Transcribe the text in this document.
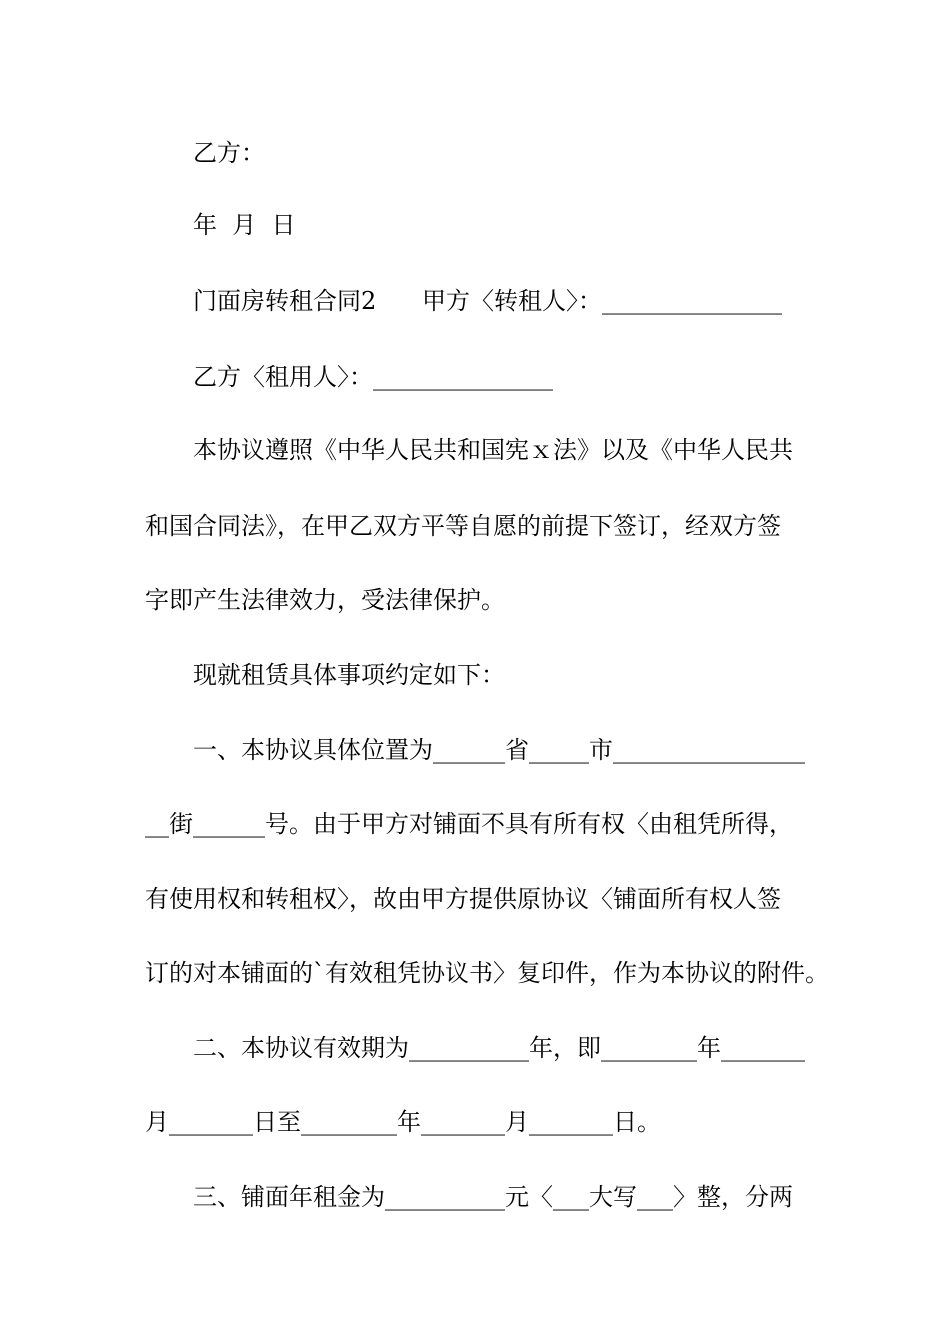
乙方：
年  月  日
门面房转租合同2      甲方〈转租人〉：_______________
乙方〈租用人〉：_______________
本协议遵照《中华人民共和国宪ｘ法》以及《中华人民共
和国合同法》，在甲乙双方平等自愿的前提下签订，经双方签
字即产生法律效力，受法律保护。
现就租赁具体事项约定如下：
一、本协议具体位置为______省_____市________________
__街______号。由于甲方对铺面不具有所有权〈由租凭所得，
有使用权和转租权〉，故由甲方提供原协议〈铺面所有权人签
订的对本铺面的`有效租凭协议书〉复印件，作为本协议的附件。
二、本协议有效期为__________年，即________年_______
月_______日至________年_______月_______日。
三、铺面年租金为__________元〈___大写___〉整，分两
